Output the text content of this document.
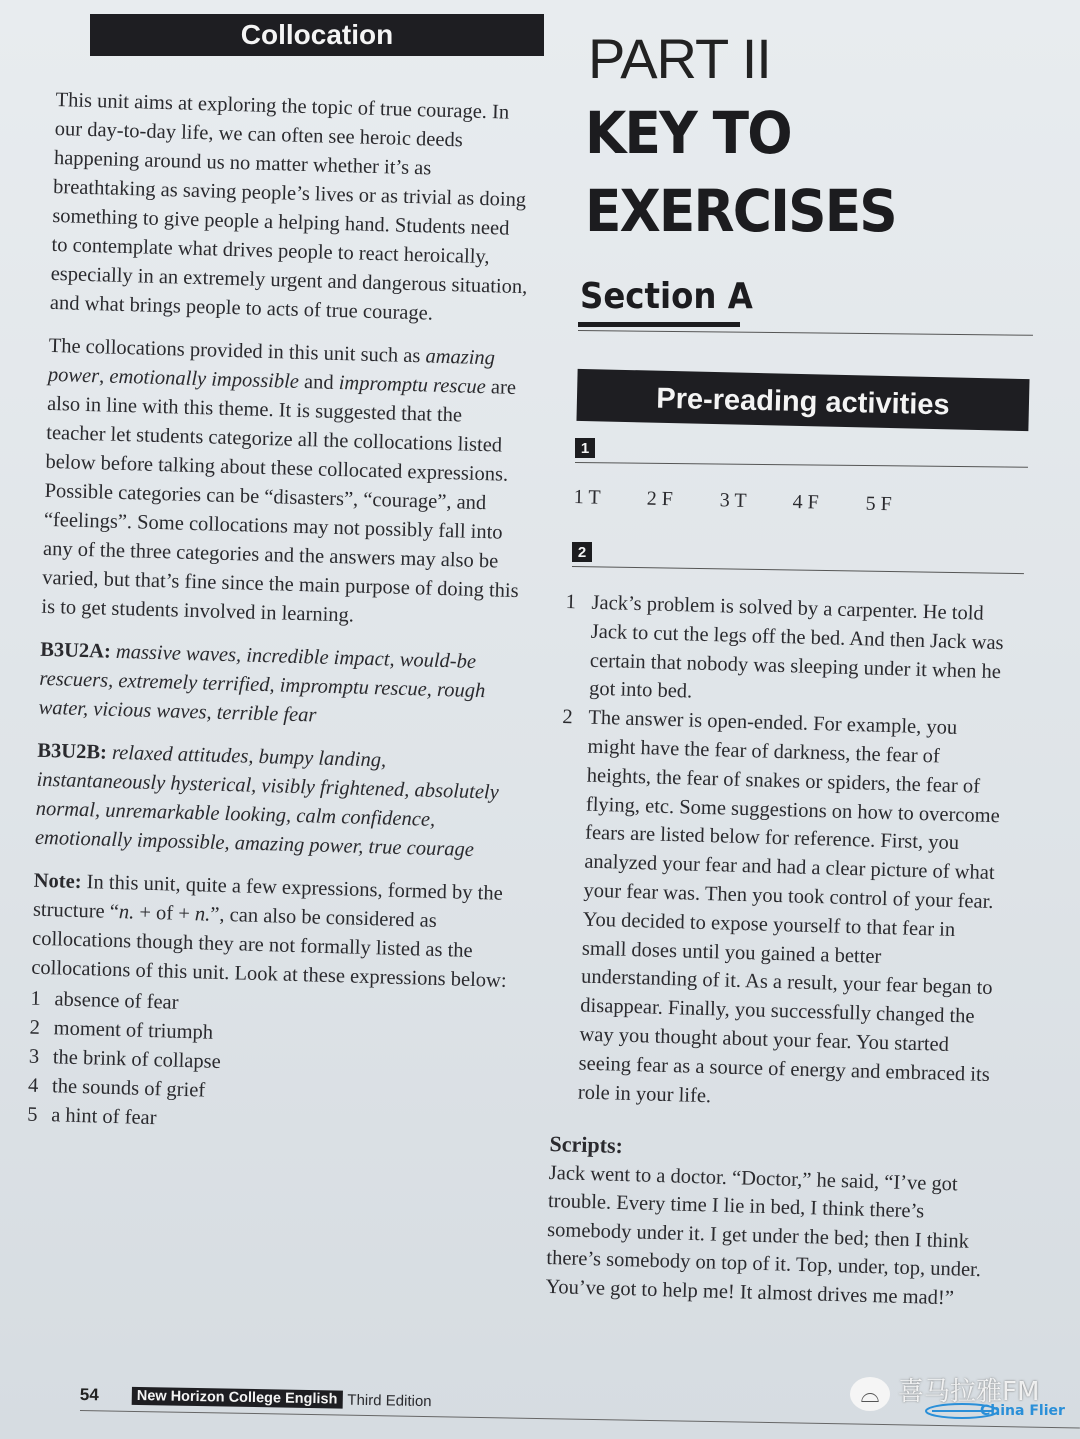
Collocation

This unit aims at exploring the topic of true courage. In our day-to-day life, we can often see heroic deeds happening around us no matter whether it’s as breathtaking as saving people’s lives or as trivial as doing something to give people a helping hand. Students need to contemplate what drives people to react heroically, especially in an extremely urgent and dangerous situation, and what brings people to acts of true courage.

The collocations provided in this unit such as amazing power, emotionally impossible and impromptu rescue are also in line with this theme. It is suggested that the teacher let students categorize all the collocations listed below before talking about these collocated expressions. Possible categories can be “disasters”, “courage”, and “feelings”. Some collocations may not possibly fall into any of the three categories and the answers may also be varied, but that’s fine since the main purpose of doing this is to get students involved in learning.

B3U2A: massive waves, incredible impact, would-be rescuers, extremely terrified, impromptu rescue, rough water, vicious waves, terrible fear

B3U2B: relaxed attitudes, bumpy landing, instantaneously hysterical, visibly frightened, absolutely normal, unremarkable looking, calm confidence, emotionally impossible, amazing power, true courage

Note: In this unit, quite a few expressions, formed by the structure “n. + of + n.”, can also be considered as collocations though they are not formally listed as the collocations of this unit. Look at these expressions below:

1 absence of fear
2 moment of triumph
3 the brink of collapse
4 the sounds of grief
5 a hint of fear
PART II
KEY TO
EXERCISES
Section A
Pre-reading activities
1
1 T	2 F	3 T	4 F	5 F
2
1 Jack’s problem is solved by a carpenter. He told Jack to cut the legs off the bed. And then Jack was certain that nobody was sleeping under it when he got into bed.
2 The answer is open-ended. For example, you might have the fear of darkness, the fear of heights, the fear of snakes or spiders, the fear of flying, etc. Some suggestions on how to overcome fears are listed below for reference. First, you analyzed your fear and had a clear picture of what your fear was. Then you took control of your fear. You decided to expose yourself to that fear in small doses until you gained a better understanding of it. As a result, your fear began to disappear. Finally, you successfully changed the way you thought about your fear. You started seeing fear as a source of energy and embraced its role in your life.
Scripts:
Jack went to a doctor. “Doctor,” he said, “I’ve got trouble. Every time I lie in bed, I think there’s somebody under it. I get under the bed; then I think there’s somebody on top of it. Top, under, top, under. You’ve got to help me! It almost drives me mad!”
54	New Horizon College English Third Edition	⌓ 喜马拉雅FM
China Flier
